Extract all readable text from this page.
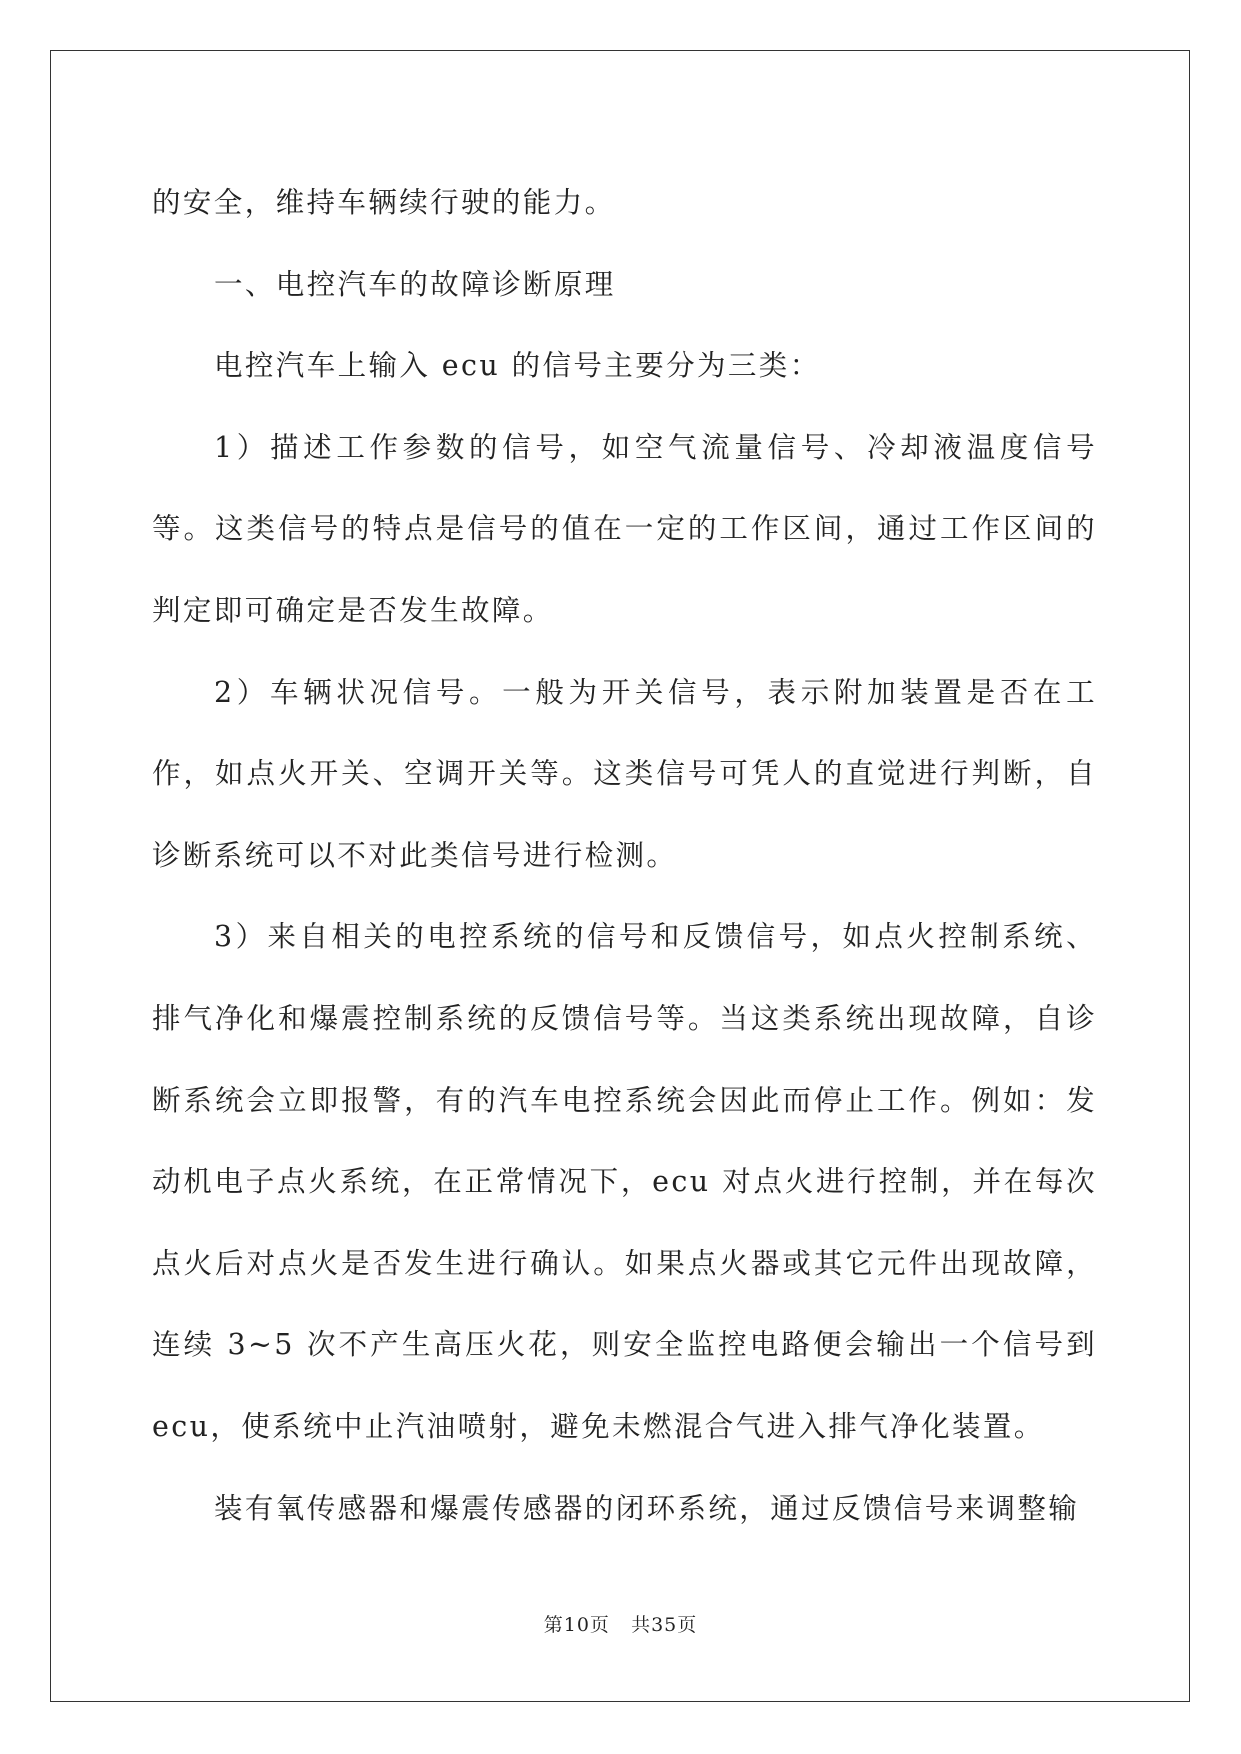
的安全，维持车辆续行驶的能力。

一、电控汽车的故障诊断原理

电控汽车上输入 ecu 的信号主要分为三类：

1）描述工作参数的信号，如空气流量信号、冷却液温度信号等。这类信号的特点是信号的值在一定的工作区间，通过工作区间的判定即可确定是否发生故障。

2）车辆状况信号。一般为开关信号，表示附加装置是否在工作，如点火开关、空调开关等。这类信号可凭人的直觉进行判断，自诊断系统可以不对此类信号进行检测。

3）来自相关的电控系统的信号和反馈信号，如点火控制系统、排气净化和爆震控制系统的反馈信号等。当这类系统出现故障，自诊断系统会立即报警，有的汽车电控系统会因此而停止工作。例如：发动机电子点火系统，在正常情况下，ecu 对点火进行控制，并在每次点火后对点火是否发生进行确认。如果点火器或其它元件出现故障，连续 3~5 次不产生高压火花，则安全监控电路便会输出一个信号到 ecu，使系统中止汽油喷射，避免未燃混合气进入排气净化装置。

装有氧传感器和爆震传感器的闭环系统，通过反馈信号来调整输

第10页 共35页
